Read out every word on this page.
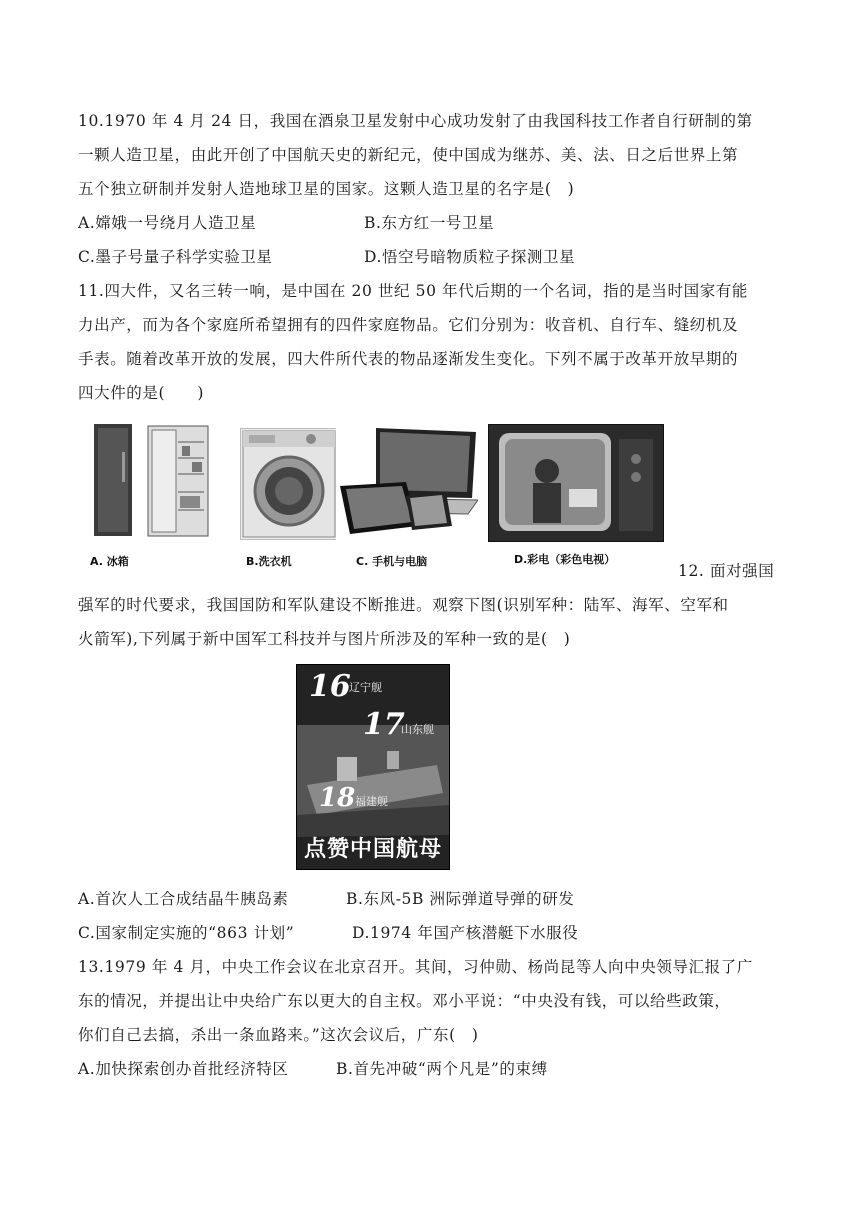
10.1970 年 4 月 24 日，我国在酒泉卫星发射中心成功发射了由我国科技工作者自行研制的第
一颗人造卫星，由此开创了中国航天史的新纪元，使中国成为继苏、美、法、日之后世界上第
五个独立研制并发射人造地球卫星的国家。这颗人造卫星的名字是(　)
A.嫦娥一号绕月人造卫星	B.东方红一号卫星
C.墨子号量子科学实验卫星	D.悟空号暗物质粒子探测卫星
11.四大件，又名三转一响，是中国在 20 世纪 50 年代后期的一个名词，指的是当时国家有能
力出产，而为各个家庭所希望拥有的四件家庭物品。它们分别为：收音机、自行车、缝纫机及
手表。随着改革开放的发展，四大件所代表的物品逐渐发生变化。下列不属于改革开放早期的
四大件的是(　　)
A. 冰箱	B.洗衣机	C. 手机与电脑	D.彩电（彩色电视）
12. 面对强国
强军的时代要求，我国国防和军队建设不断推进。观察下图(识别军种：陆军、海军、空军和
火箭军),下列属于新中国军工科技并与图片所涉及的军种一致的是(　)
16
辽宁舰
17
山东舰
18 福建舰
点赞中国航母
A.首次人工合成结晶牛胰岛素	B.东风-5B 洲际弹道导弹的研发
C.国家制定实施的“863 计划”	D.1974 年国产核潜艇下水服役
13.1979 年 4 月，中央工作会议在北京召开。其间，习仲勋、杨尚昆等人向中央领导汇报了广
东的情况，并提出让中央给广东以更大的自主权。邓小平说：“中央没有钱，可以给些政策，
你们自己去搞，杀出一条血路来。”这次会议后，广东(　)
A.加快探索创办首批经济特区	B.首先冲破“两个凡是”的束缚
